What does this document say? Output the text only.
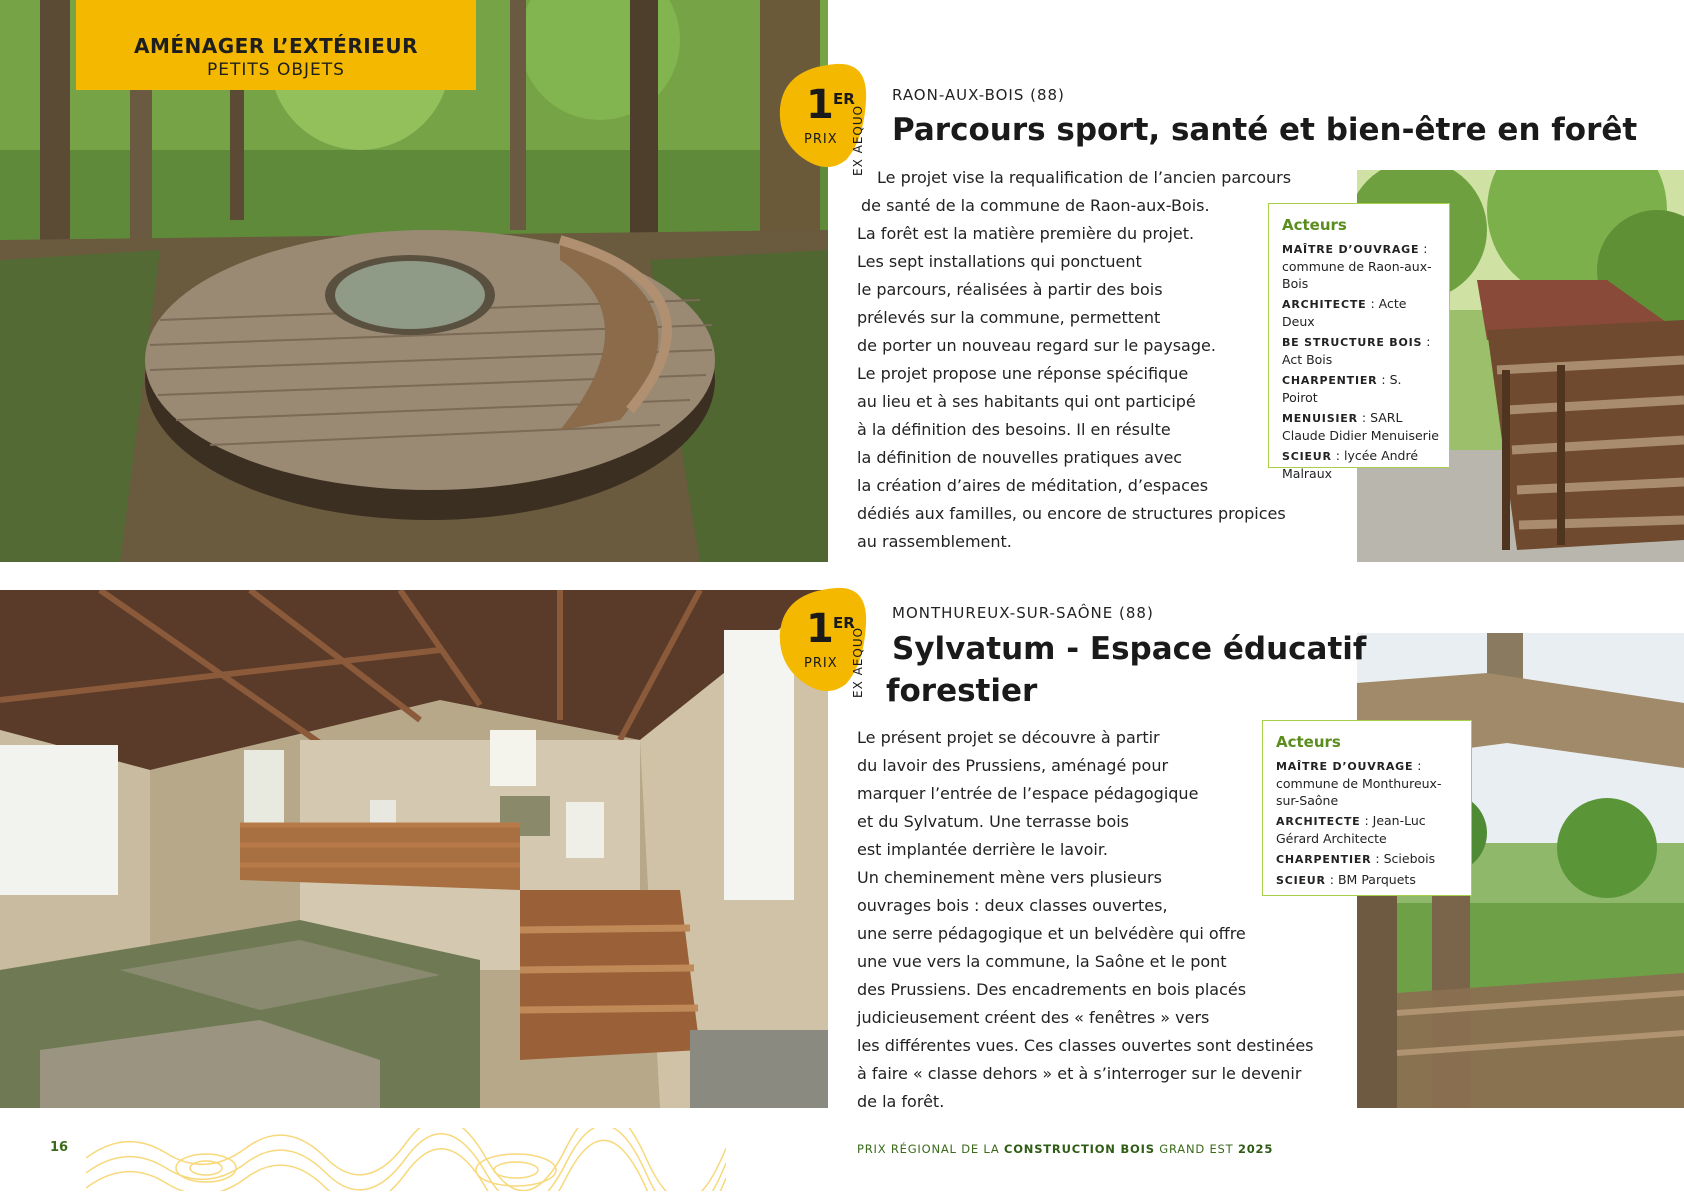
AMÉNAGER L’EXTÉRIEUR
PETITS OBJETS
1 ER
PRIX EX AEQUO
RAON-AUX-BOIS (88)
Parcours sport, santé et bien-être en forêt
Le projet vise la requalification de l’ancien parcours
de santé de la commune de Raon-aux-Bois.
La forêt est la matière première du projet.
Les sept installations qui ponctuent
le parcours, réalisées à partir des bois
prélevés sur la commune, permettent
de porter un nouveau regard sur le paysage.
Le projet propose une réponse spécifique
au lieu et à ses habitants qui ont participé
à la définition des besoins. Il en résulte
la définition de nouvelles pratiques avec
la création d’aires de méditation, d’espaces
dédiés aux familles, ou encore de structures propices
au rassemblement.
Acteurs
MAÎTRE D’OUVRAGE : commune de Raon-aux-Bois
ARCHITECTE : Acte Deux
BE STRUCTURE BOIS : Act Bois
CHARPENTIER : S. Poirot
MENUISIER : SARL Claude Didier Menuiserie
SCIEUR : lycée André Malraux
1 ER
PRIX EX AEQUO
MONTHUREUX-SUR-SAÔNE (88)
Sylvatum - Espace éducatif
forestier
Le présent projet se découvre à partir
du lavoir des Prussiens, aménagé pour
marquer l’entrée de l’espace pédagogique
et du Sylvatum. Une terrasse bois
est implantée derrière le lavoir.
Un cheminement mène vers plusieurs
ouvrages bois : deux classes ouvertes,
une serre pédagogique et un belvédère qui offre
une vue vers la commune, la Saône et le pont
des Prussiens. Des encadrements en bois placés
judicieusement créent des « fenêtres » vers
les différentes vues. Ces classes ouvertes sont destinées
à faire « classe dehors » et à s’interroger sur le devenir
de la forêt.
Acteurs
MAÎTRE D’OUVRAGE : commune de Monthureux-sur-Saône
ARCHITECTE : Jean-Luc Gérard Architecte
CHARPENTIER : Sciebois
SCIEUR : BM Parquets
16	PRIX RÉGIONAL DE LA CONSTRUCTION BOIS GRAND EST 2025
